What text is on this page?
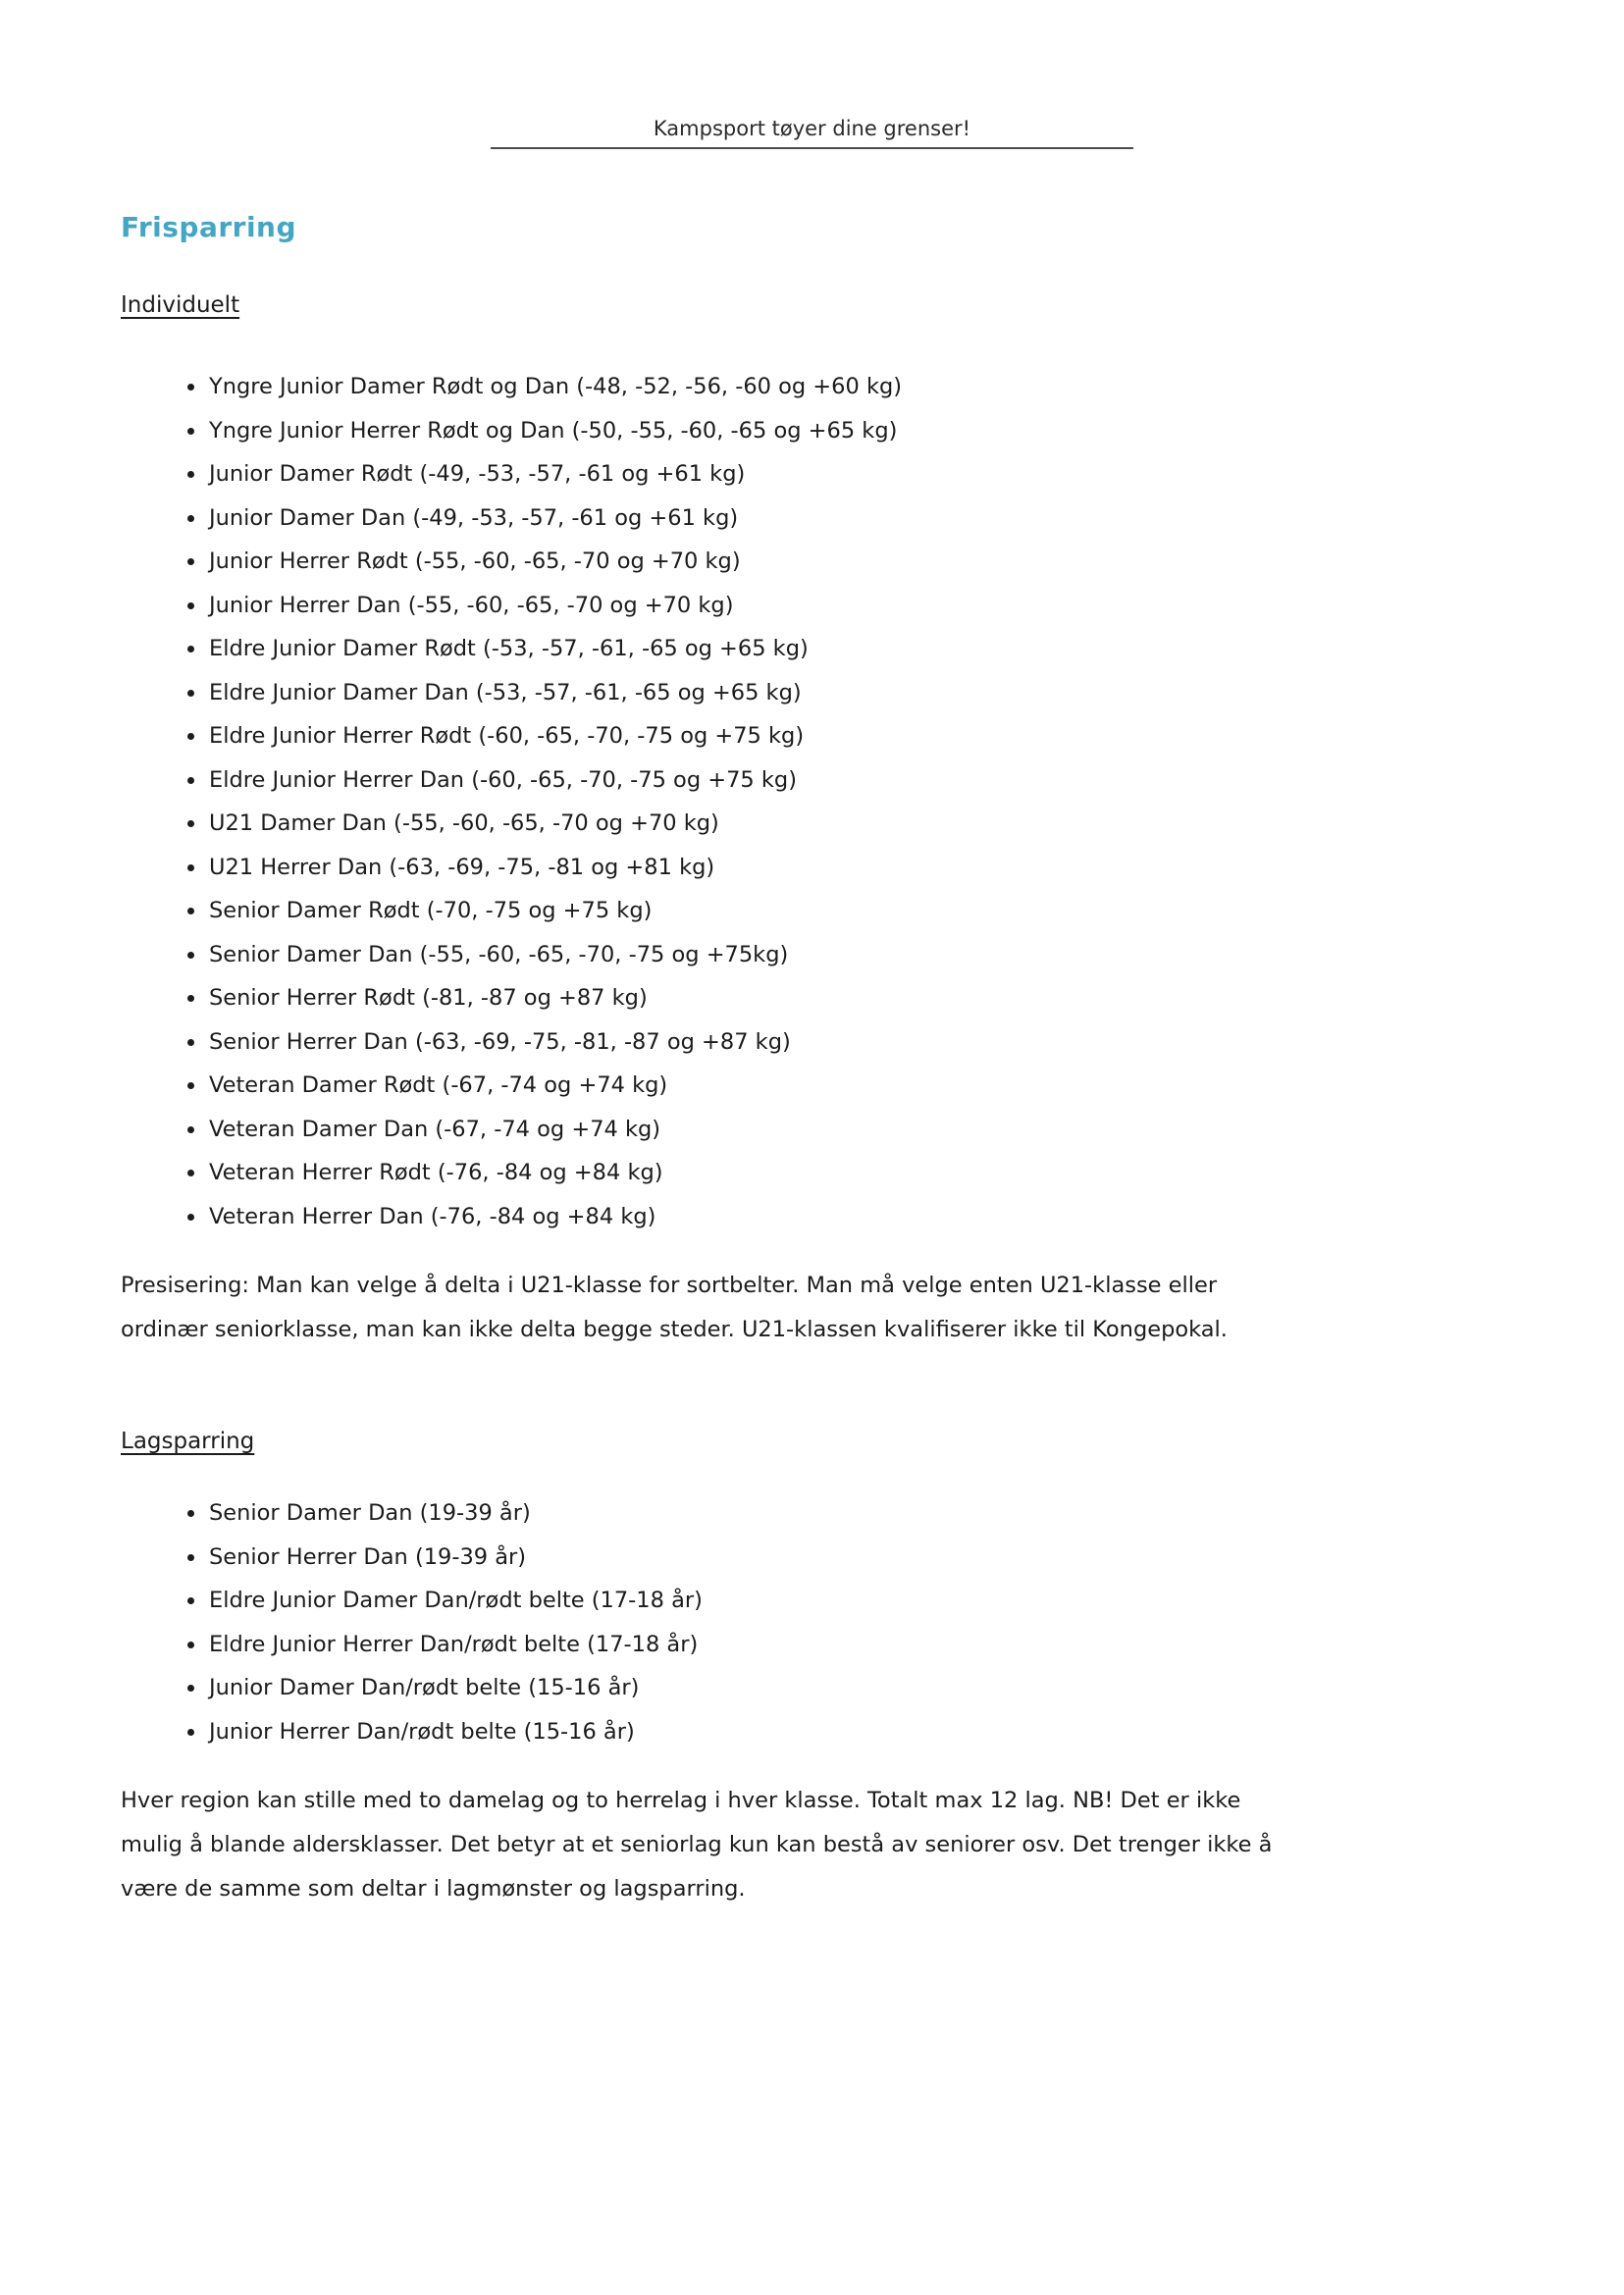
Kampsport tøyer dine grenser!
Frisparring
Individuelt
• Yngre Junior Damer Rødt og Dan (-48, -52, -56, -60 og +60 kg)
• Yngre Junior Herrer Rødt og Dan (-50, -55, -60, -65 og +65 kg)
• Junior Damer Rødt (-49, -53, -57, -61 og +61 kg)
• Junior Damer Dan (-49, -53, -57, -61 og +61 kg)
• Junior Herrer Rødt (-55, -60, -65, -70 og +70 kg)
• Junior Herrer Dan (-55, -60, -65, -70 og +70 kg)
• Eldre Junior Damer Rødt (-53, -57, -61, -65 og +65 kg)
• Eldre Junior Damer Dan (-53, -57, -61, -65 og +65 kg)
• Eldre Junior Herrer Rødt (-60, -65, -70, -75 og +75 kg)
• Eldre Junior Herrer Dan (-60, -65, -70, -75 og +75 kg)
• U21 Damer Dan (-55, -60, -65, -70 og +70 kg)
• U21 Herrer Dan (-63, -69, -75, -81 og +81 kg)
• Senior Damer Rødt (-70, -75 og +75 kg)
• Senior Damer Dan (-55, -60, -65, -70, -75 og +75kg)
• Senior Herrer Rødt (-81, -87 og +87 kg)
• Senior Herrer Dan (-63, -69, -75, -81, -87 og +87 kg)
• Veteran Damer Rødt (-67, -74 og +74 kg)
• Veteran Damer Dan (-67, -74 og +74 kg)
• Veteran Herrer Rødt (-76, -84 og +84 kg)
• Veteran Herrer Dan (-76, -84 og +84 kg)

Presisering: Man kan velge å delta i U21-klasse for sortbelter. Man må velge enten U21-klasse eller ordinær seniorklasse, man kan ikke delta begge steder. U21-klassen kvalifiserer ikke til Kongepokal.

Lagsparring
• Senior Damer Dan (19-39 år)
• Senior Herrer Dan (19-39 år)
• Eldre Junior Damer Dan/rødt belte (17-18 år)
• Eldre Junior Herrer Dan/rødt belte (17-18 år)
• Junior Damer Dan/rødt belte (15-16 år)
• Junior Herrer Dan/rødt belte (15-16 år)

Hver region kan stille med to damelag og to herrelag i hver klasse. Totalt max 12 lag. NB! Det er ikke mulig å blande aldersklasser. Det betyr at et seniorlag kun kan bestå av seniorer osv. Det trenger ikke å være de samme som deltar i lagmønster og lagsparring.
